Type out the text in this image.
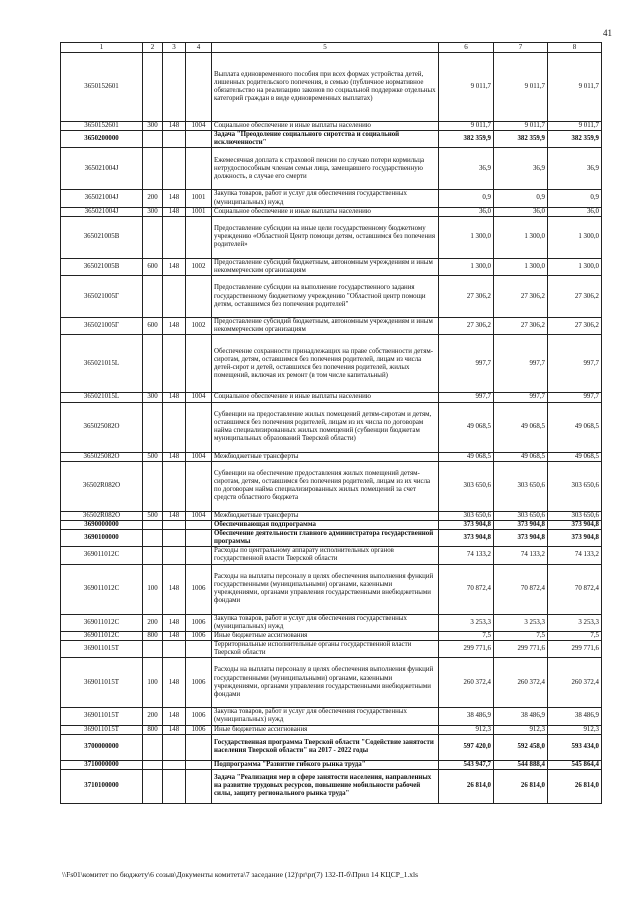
41
1	2	3	4	5	6	7	8
3650152601				Выплата единовременного пособия при всех формах устройства детей, лишенных родительского попечения, в семью (публичное нормативное обязательство на реализацию законов по социальной поддержке отдельных категорий граждан в виде единовременных выплатах)	9 011,7	9 011,7	9 011,7
3650152601	300	148	1004	Социальное обеспечение и иные выплаты населению	9 011,7	9 011,7	9 011,7
3650200000				Задача "Преодоление социального сиротства и социальной исключенности"	382 359,9	382 359,9	382 359,9
365021004J				Ежемесячная доплата к страховой пенсии по случаю потери кормильца нетрудоспособным членам семьи лица, замещавшего государственную должность, в случае его смерти	36,9	36,9	36,9
365021004J	200	148	1001	Закупка товаров, работ и услуг для обеспечения государственных (муниципальных) нужд	0,9	0,9	0,9
365021004J	300	148	1001	Социальное обеспечение и иные выплаты населению	36,0	36,0	36,0
365021005B				Предоставление субсидии на иные цели государственному бюджетному учреждению «Областной Центр помощи детям, оставшимся без попечения родителей»	1 300,0	1 300,0	1 300,0
365021005B	600	148	1002	Предоставление субсидий бюджетным, автономным учреждениям и иным некоммерческим организациям	1 300,0	1 300,0	1 300,0
365021005Г				Предоставление субсидии на выполнение государственного задания государственному бюджетному учреждению "Областной центр помощи детям, оставшимся без попечения родителей"	27 306,2	27 306,2	27 306,2
365021005Г	600	148	1002	Предоставление субсидий бюджетным, автономным учреждениям и иным некоммерческим организациям	27 306,2	27 306,2	27 306,2
365021015L				Обеспечение сохранности принадлежащих на праве собственности детям-сиротам, детям, оставшимся без попечения родителей, лицам из числа детей-сирот и детей, оставшихся без попечения родителей, жилых помещений, включая их ремонт (в том числе капитальный)	997,7	997,7	997,7
365021015L	300	148	1004	Социальное обеспечение и иные выплаты населению	997,7	997,7	997,7
365025082О				Субвенции на предоставление жилых помещений детям-сиротам и детям, оставшимся без попечения родителей, лицам из их числа по договорам найма специализированных жилых помещений (субвенции бюджетам муниципальных образований Тверской области)	49 068,5	49 068,5	49 068,5
365025082О	500	148	1004	Межбюджетные трансферты	49 068,5	49 068,5	49 068,5
36502R082О				Субвенции на обеспечение предоставления жилых помещений детям-сиротам, детям, оставшимся без попечения родителей, лицам из их числа по договорам найма специализированных жилых помещений за счет средств областного бюджета	303 650,6	303 650,6	303 650,6
36502R082О	500	148	1004	Межбюджетные трансферты	303 650,6	303 650,6	303 650,6
3690000000				Обеспечивающая подпрограмма	373 904,8	373 904,8	373 904,8
3690100000				Обеспечение деятельности главного администратора государственной программы	373 904,8	373 904,8	373 904,8
369011012С				Расходы по центральному аппарату исполнительных органов государственной власти Тверской области	74 133,2	74 133,2	74 133,2
369011012С	100	148	1006	Расходы на выплаты персоналу в целях обеспечения выполнения функций государственными (муниципальными) органами, казенными учреждениями, органами управления государственными внебюджетными фондами	70 872,4	70 872,4	70 872,4
369011012С	200	148	1006	Закупка товаров, работ и услуг для обеспечения государственных (муниципальных) нужд	3 253,3	3 253,3	3 253,3
369011012С	800	148	1006	Иные бюджетные ассигнования	7,5	7,5	7,5
369011015Т				Территориальные исполнительные органы государственной власти Тверской области	299 771,6	299 771,6	299 771,6
369011015Т	100	148	1006	Расходы на выплаты персоналу в целях обеспечения выполнения функций государственными (муниципальными) органами, казенными учреждениями, органами управления государственными внебюджетными фондами	260 372,4	260 372,4	260 372,4
369011015Т	200	148	1006	Закупка товаров, работ и услуг для обеспечения государственных (муниципальных) нужд	38 486,9	38 486,9	38 486,9
369011015Т	800	148	1006	Иные бюджетные ассигнования	912,3	912,3	912,3
3700000000				Государственная программа Тверской области "Содействие занятости населения Тверской области" на 2017 - 2022 годы	597 420,0	592 458,0	593 434,0
3710000000				Подпрограмма "Развитие гибкого рынка труда"	543 947,7	544 888,4	545 864,4
3710100000				Задача "Реализация мер в сфере занятости населения, направленных на развитие трудовых ресурсов, повышение мобильности рабочей силы, защиту регионального рынка труда"	26 814,0	26 814,0	26 814,0
\\Fs01\комитет по бюджету\6 созыв\Документы комитета\7 заседание (12)\pr\pr(7) 132-П-б\Прил 14 КЦСР_1.xls
